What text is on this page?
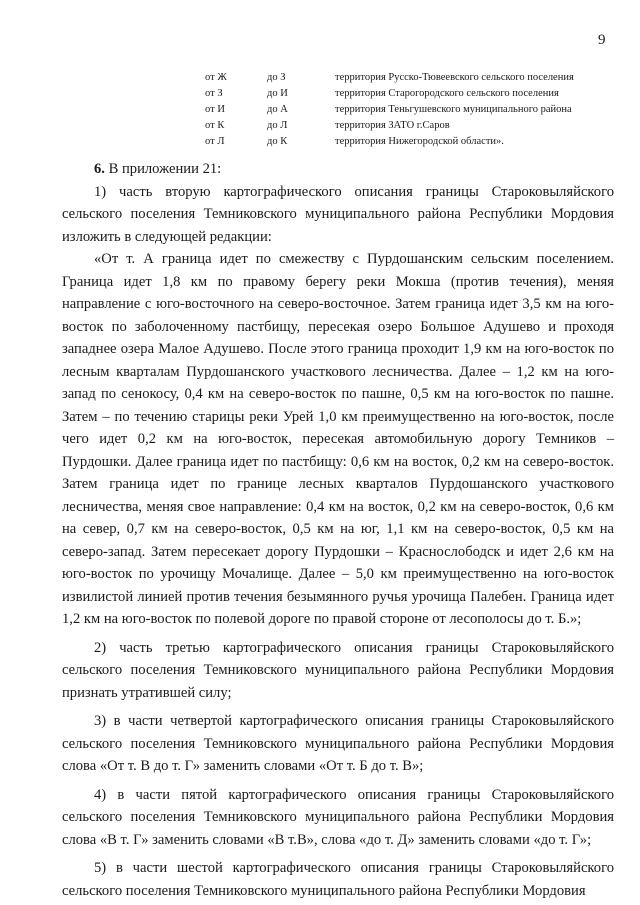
9
от Ж	до З	территория Русско-Тювеевского сельского поселения
от З	до И	территория Старогородского сельского поселения
от И	до А	территория Теньгушевского муниципального района
от К	до Л	территория ЗАТО г.Саров
от Л	до К	территория Нижегородской области».

6. В приложении 21:

1) часть вторую картографического описания границы Староковыляйского сельского поселения Темниковского муниципального района Республики Мордовия изложить в следующей редакции:

«От т. А граница идет по смежеству с Пурдошанским сельским поселением. Граница идет 1,8 км по правому берегу реки Мокша (против течения), меняя направление с юго-восточного на северо-восточное. Затем граница идет 3,5 км на юго-восток по заболоченному пастбищу, пересекая озеро Большое Адушево и проходя западнее озера Малое Адушево. После этого граница проходит 1,9 км на юго-восток по лесным кварталам Пурдошанского участкового лесничества. Далее – 1,2 км на юго-запад по сенокосу, 0,4 км на северо-восток по пашне, 0,5 км на юго-восток по пашне. Затем – по течению старицы реки Урей 1,0 км преимущественно на юго-восток, после чего идет 0,2 км на юго-восток, пересекая автомобильную дорогу Темников – Пурдошки. Далее граница идет по пастбищу: 0,6 км на восток, 0,2 км на северо-восток. Затем граница идет по границе лесных кварталов Пурдошанского участкового лесничества, меняя свое направление: 0,4 км на восток, 0,2 км на северо-восток, 0,6 км на север, 0,7 км на северо-восток, 0,5 км на юг, 1,1 км на северо-восток, 0,5 км на северо-запад. Затем пересекает дорогу Пурдошки – Краснослободск и идет 2,6 км на юго-восток по урочищу Мочалище. Далее – 5,0 км преимущественно на юго-восток извилистой линией против течения безымянного ручья урочища Палебен. Граница идет 1,2 км на юго-восток по полевой дороге по правой стороне от лесополосы до т. Б.»;

2) часть третью картографического описания границы Староковыляйского сельского поселения Темниковского муниципального района Республики Мордовия признать утратившей силу;

3) в части четвертой картографического описания границы Староковыляйского сельского поселения Темниковского муниципального района Республики Мордовия слова «От т. В до т. Г» заменить словами «От т. Б до т. В»;

4) в части пятой картографического описания границы Староковыляйского сельского поселения Темниковского муниципального района Республики Мордовия слова «В т. Г» заменить словами «В т.В», слова «до т. Д» заменить словами «до т. Г»;

5) в части шестой картографического описания границы Староковыляйского сельского поселения Темниковского муниципального района Республики Мордовия
